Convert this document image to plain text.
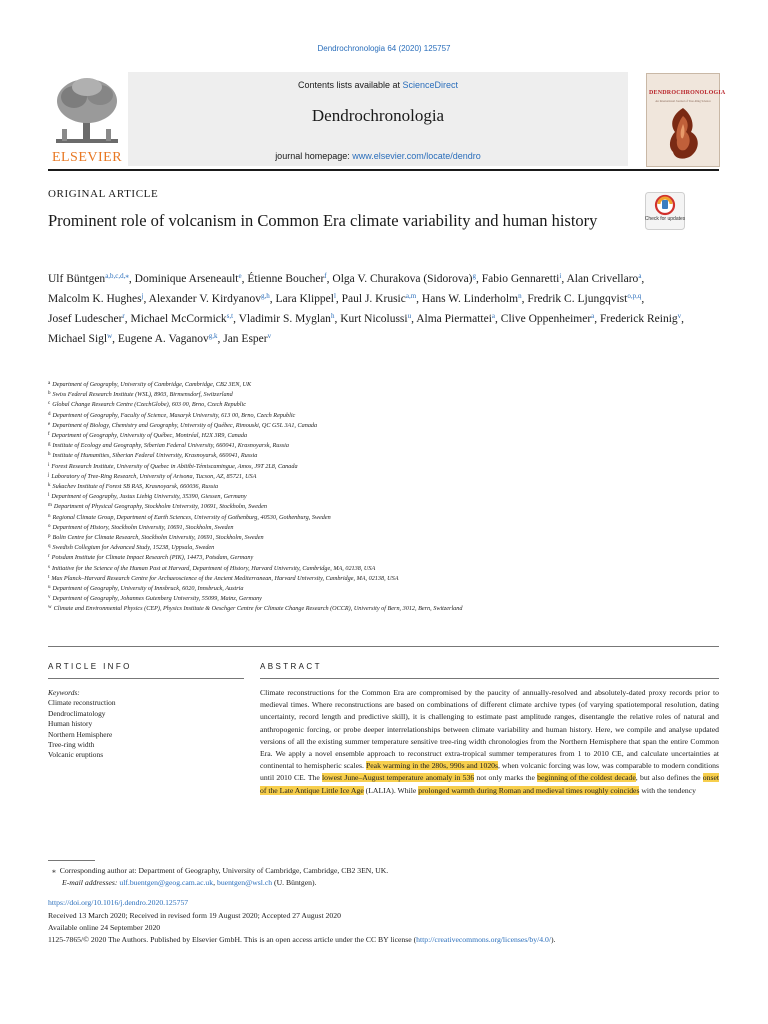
Dendrochronologia 64 (2020) 125757
Contents lists available at ScienceDirect
Dendrochronologia
journal homepage: www.elsevier.com/locate/dendro
ELSEVIER
DENDROCHRONOLOGIA
An International Journal of Tree-Ring Science
ORIGINAL ARTICLE
Prominent role of volcanism in Common Era climate variability and human history	Check for updates
Ulf Büntgen$^{a,b,c,d,⁎}$, Dominique Arseneault$^e$, Étienne Boucher$^f$, Olga V. Churakova (Sidorova)$^g$, Fabio Gennaretti$^i$, Alan Crivellaro$^a$, Malcolm K. Hughes$^j$, Alexander V. Kirdyanov$^{g,h}$, Lara Klippel$^l$, Paul J. Krusic$^{a,m}$, Hans W. Linderholm$^n$, Fredrik C. Ljungqvist$^{o,p,q}$, Josef Ludescher$^r$, Michael McCormick$^{s,t}$, Vladimir S. Myglan$^h$, Kurt Nicolussi$^u$, Alma Piermattei$^a$, Clive Oppenheimer$^a$, Frederick Reinig$^v$, Michael Sigl$^w$, Eugene A. Vaganov$^{g,k}$, Jan Esper$^v$
$^a$ Department of Geography, University of Cambridge, Cambridge, CB2 3EN, UK
$^b$ Swiss Federal Research Institute (WSL), 8903, Birmensdorf, Switzerland
$^c$ Global Change Research Centre (CzechGlobe), 603 00, Brno, Czech Republic
$^d$ Department of Geography, Faculty of Science, Masaryk University, 613 00, Brno, Czech Republic
$^e$ Department of Biology, Chemistry and Geography, University of Québec, Rimouski, QC G5L 3A1, Canada
$^f$ Department of Geography, University of Québec, Montréal, H2X 3R9, Canada
$^g$ Institute of Ecology and Geography, Siberian Federal University, 660041, Krasnoyarsk, Russia
$^h$ Institute of Humanities, Siberian Federal University, Krasnoyarsk, 660041, Russia
$^i$ Forest Research Institute, University of Quebec in Abitibi-Témiscamingue, Amos, J9T 2L8, Canada
$^j$ Laboratory of Tree-Ring Research, University of Arisona, Tucson, AZ, 85721, USA
$^k$ Sukachev Institute of Forest SB RAS, Krasnoyarsk, 660036, Russia
$^l$ Department of Geography, Justus Liebig University, 35390, Giessen, Germany
$^m$ Department of Physical Geography, Stockholm University, 10691, Stockholm, Sweden
$^n$ Regional Climate Group, Department of Earth Sciences, University of Gothenburg, 40530, Gothenburg, Sweden
$^o$ Department of History, Stockholm University, 10691, Stockholm, Sweden
$^p$ Bolin Centre for Climate Research, Stockholm University, 10691, Stockholm, Sweden
$^q$ Swedish Collegium for Advanced Study, 15238, Uppsala, Sweden
$^r$ Potsdam Institute for Climate Impact Research (PIK), 14473, Potsdam, Germany
$^s$ Initiative for the Science of the Human Past at Harvard, Department of History, Harvard University, Cambridge, MA, 02138, USA
$^t$ Max Planck–Harvard Research Centre for Archaeoscience of the Ancient Mediterranean, Harvard University, Cambridge, MA, 02138, USA
$^u$ Department of Geography, University of Innsbruck, 6020, Innsbruck, Austria
$^v$ Department of Geography, Johannes Gutenberg University, 55099, Mainz, Germany
$^w$ Climate and Environmental Physics (CEP), Physics Institute & Oeschger Centre for Climate Change Research (OCCR), University of Bern, 3012, Bern, Switzerland
ARTICLE INFO	ABSTRACT
Keywords:
Climate reconstruction
Dendroclimatology
Human history
Northern Hemisphere
Tree-ring width
Volcanic eruptions
Climate reconstructions for the Common Era are compromised by the paucity of annually-resolved and absolutely-dated proxy records prior to medieval times. Where reconstructions are based on combinations of different climate archive types (of varying spatiotemporal resolution, dating uncertainty, record length and predictive skill), it is challenging to estimate past amplitude ranges, disentangle the relative roles of natural and anthropogenic forcing, or probe deeper interrelationships between climate variability and human history. Here, we compile and analyse updated versions of all the existing summer temperature sensitive tree-ring width chronologies from the Northern Hemisphere that span the entire Common Era. We apply a novel ensemble approach to reconstruct extra-tropical summer temperatures from 1 to 2010 CE, and calculate uncertainties at continental to hemispheric scales. Peak warming in the 280s, 990s and 1020s, when volcanic forcing was low, was comparable to modern conditions until 2010 CE. The lowest June–August temperature anomaly in 536 not only marks the beginning of the coldest decade, but also defines the onset of the Late Antique Little Ice Age (LALIA). While prolonged warmth during Roman and medieval times roughly coincides with the tendency
⁎ Corresponding author at: Department of Geography, University of Cambridge, Cambridge, CB2 3EN, UK.
E-mail addresses: ulf.buentgen@geog.cam.ac.uk, buentgen@wsl.ch (U. Büntgen).
https://doi.org/10.1016/j.dendro.2020.125757
Received 13 March 2020; Received in revised form 19 August 2020; Accepted 27 August 2020
Available online 24 September 2020
1125-7865/© 2020 The Authors. Published by Elsevier GmbH. This is an open access article under the CC BY license (http://creativecommons.org/licenses/by/4.0/).
